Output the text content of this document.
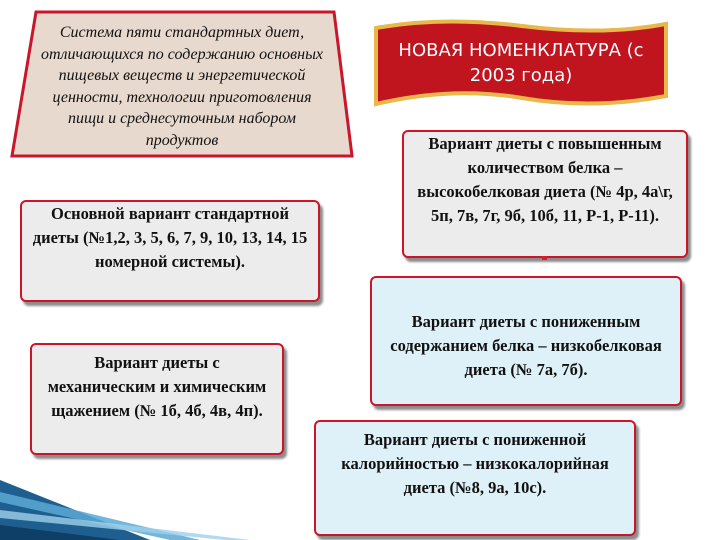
Система пяти стандартных диет, отличающихся по содержанию основных пищевых веществ и энергетической ценности, технологии приготовления пищи и среднесуточным набором продуктов
НОВАЯ НОМЕНКЛАТУРА (с 2003 года)
Основной вариант стандартной диеты (№1,2, 3, 5, 6, 7, 9, 10, 13, 14, 15 номерной системы).
Вариант диеты с механическим и химическим щажением (№ 1б, 4б, 4в, 4п).
Вариант диеты с повышенным количеством белка – высокобелковая диета (№ 4р, 4а\г, 5п, 7в, 7г, 9б, 10б, 11, Р-1, Р-11).
Вариант диеты с пониженным содержанием белка – низкобелковая диета (№ 7а, 7б).
Вариант диеты с пониженной калорийностью – низкокалорийная диета (№8, 9а, 10с).
